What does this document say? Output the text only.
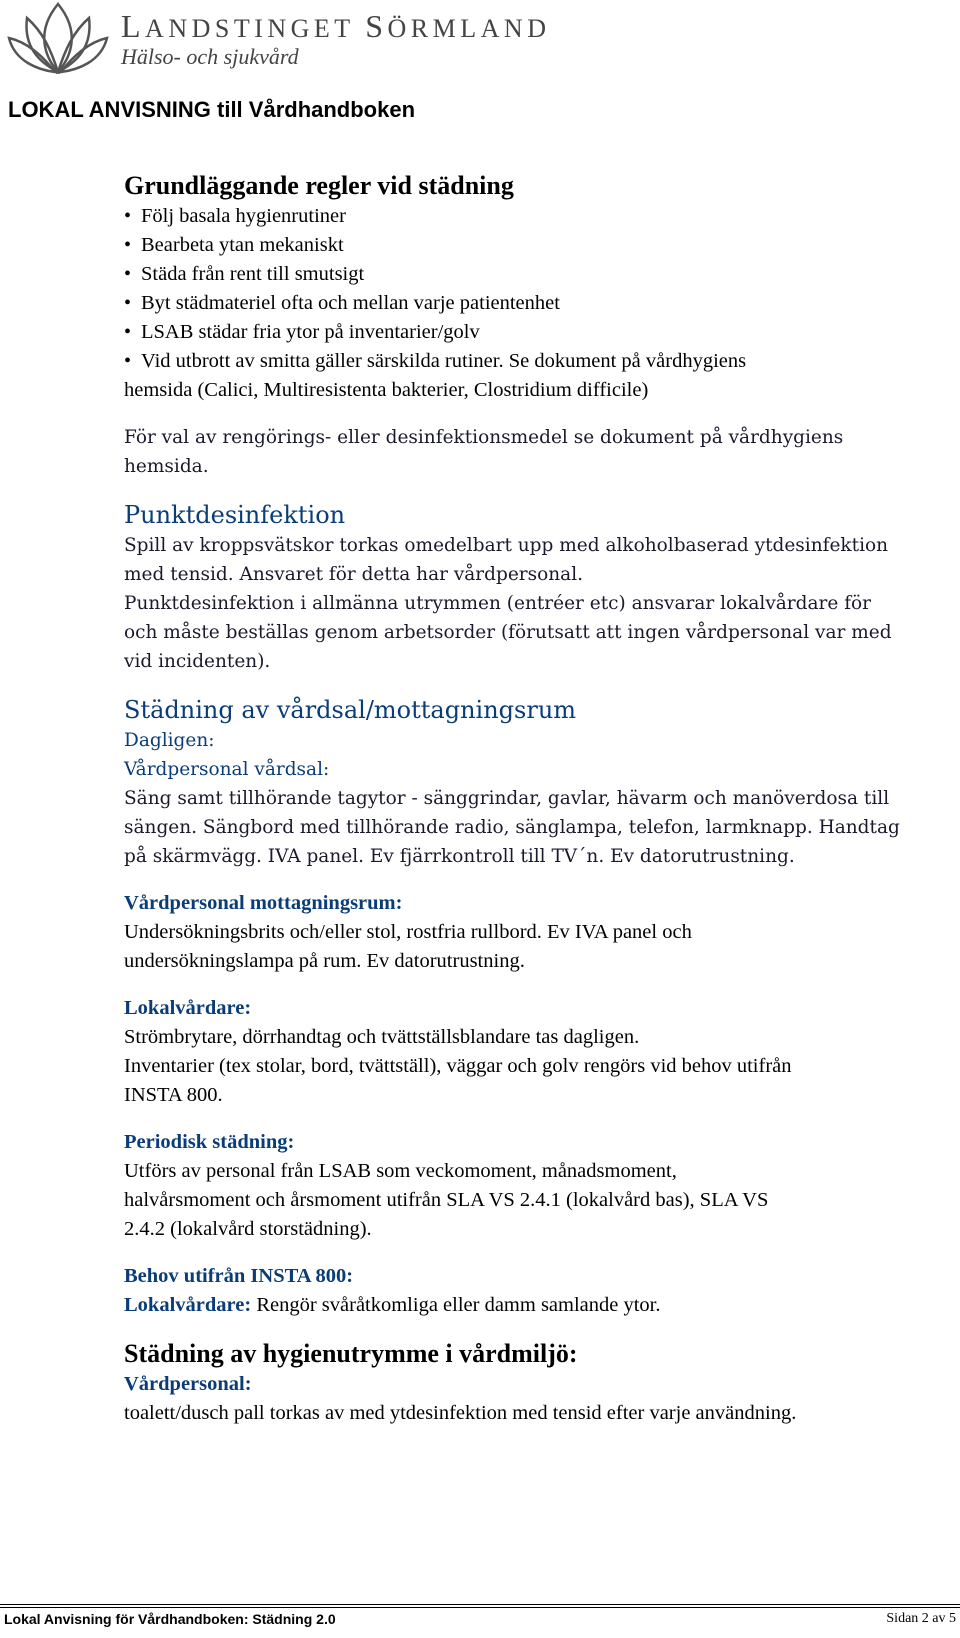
LANDSTINGET SÖRMLAND
Hälso- och sjukvård
LOKAL ANVISNING till Vårdhandboken
Grundläggande regler vid städning
• Följ basala hygienrutiner
• Bearbeta ytan mekaniskt
• Städa från rent till smutsigt
• Byt städmateriel ofta och mellan varje patientenhet
• LSAB städar fria ytor på inventarier/golv
• Vid utbrott av smitta gäller särskilda rutiner. Se dokument på vårdhygiens
hemsida (Calici, Multiresistenta bakterier, Clostridium difficile)
För val av rengörings- eller desinfektionsmedel se dokument på vårdhygiens
hemsida.
Punktdesinfektion
Spill av kroppsvätskor torkas omedelbart upp med alkoholbaserad ytdesinfektion
med tensid. Ansvaret för detta har vårdpersonal.
Punktdesinfektion i allmänna utrymmen (entréer etc) ansvarar lokalvårdare för
och måste beställas genom arbetsorder (förutsatt att ingen vårdpersonal var med
vid incidenten).
Städning av vårdsal/mottagningsrum
Dagligen:
Vårdpersonal vårdsal:
Säng samt tillhörande tagytor - sänggrindar, gavlar, hävarm och manöverdosa till
sängen. Sängbord med tillhörande radio, sänglampa, telefon, larmknapp. Handtag
på skärmvägg. IVA panel. Ev fjärrkontroll till TV´n. Ev datorutrustning.
Vårdpersonal mottagningsrum:
Undersökningsbrits och/eller stol, rostfria rullbord. Ev IVA panel och
undersökningslampa på rum. Ev datorutrustning.
Lokalvårdare:
Strömbrytare, dörrhandtag och tvättställsblandare tas dagligen.
Inventarier (tex stolar, bord, tvättställ), väggar och golv rengörs vid behov utifrån
INSTA 800.
Periodisk städning:
Utförs av personal från LSAB som veckomoment, månadsmoment,
halvårsmoment och årsmoment utifrån SLA VS 2.4.1 (lokalvård bas), SLA VS
2.4.2 (lokalvård storstädning).
Behov utifrån INSTA 800:
Lokalvårdare: Rengör svåråtkomliga eller damm samlande ytor.
Städning av hygienutrymme i vårdmiljö:
Vårdpersonal:
toalett/dusch pall torkas av med ytdesinfektion med tensid efter varje användning.
Lokal Anvisning för Vårdhandboken: Städning 2.0	Sidan 2 av 5
